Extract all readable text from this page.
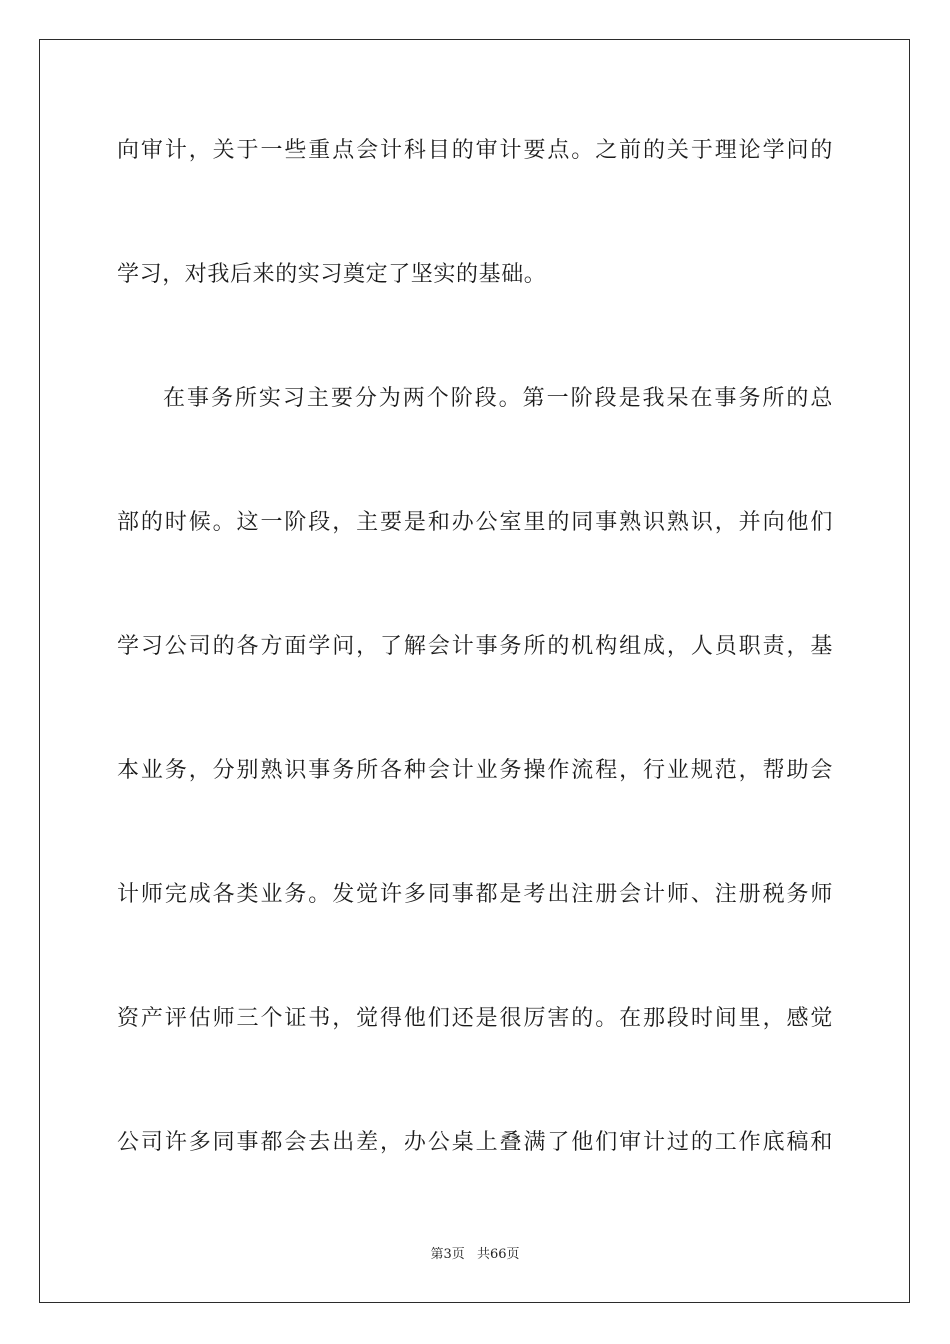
向审计，关于一些重点会计科目的审计要点。之前的关于理论学问的
学习，对我后来的实习奠定了坚实的基础。
在事务所实习主要分为两个阶段。第一阶段是我呆在事务所的总
部的时候。这一阶段，主要是和办公室里的同事熟识熟识，并向他们
学习公司的各方面学问，了解会计事务所的机构组成，人员职责，基
本业务，分别熟识事务所各种会计业务操作流程，行业规范，帮助会
计师完成各类业务。发觉许多同事都是考出注册会计师、注册税务师
资产评估师三个证书，觉得他们还是很厉害的。在那段时间里，感觉
公司许多同事都会去出差，办公桌上叠满了他们审计过的工作底稿和
第3页 共66页
